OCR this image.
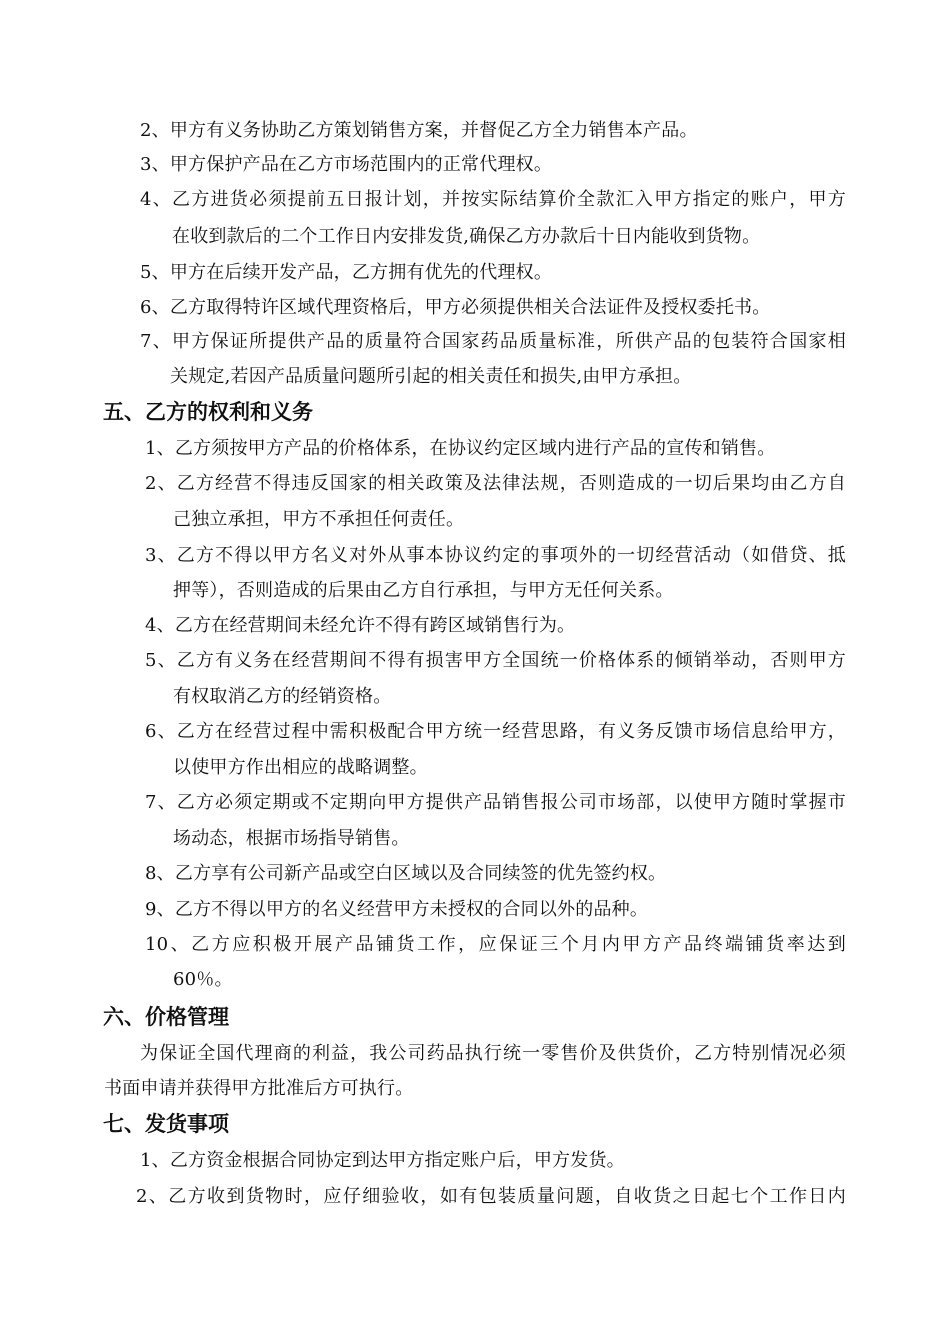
2、甲方有义务协助乙方策划销售方案，并督促乙方全力销售本产品。
3、甲方保护产品在乙方市场范围内的正常代理权。
4、乙方进货必须提前五日报计划，并按实际结算价全款汇入甲方指定的账户，甲方
在收到款后的二个工作日内安排发货,确保乙方办款后十日内能收到货物。
5、甲方在后续开发产品，乙方拥有优先的代理权。
6、乙方取得特许区域代理资格后，甲方必须提供相关合法证件及授权委托书。
7、甲方保证所提供产品的质量符合国家药品质量标准，所供产品的包装符合国家相
关规定,若因产品质量问题所引起的相关责任和损失,由甲方承担。
五、乙方的权利和义务
1、乙方须按甲方产品的价格体系，在协议约定区域内进行产品的宣传和销售。
2、乙方经营不得违反国家的相关政策及法律法规，否则造成的一切后果均由乙方自
己独立承担，甲方不承担任何责任。
3、乙方不得以甲方名义对外从事本协议约定的事项外的一切经营活动（如借贷、抵
押等），否则造成的后果由乙方自行承担，与甲方无任何关系。
4、乙方在经营期间未经允许不得有跨区域销售行为。
5、乙方有义务在经营期间不得有损害甲方全国统一价格体系的倾销举动，否则甲方
有权取消乙方的经销资格。
6、乙方在经营过程中需积极配合甲方统一经营思路，有义务反馈市场信息给甲方，
以使甲方作出相应的战略调整。
7、乙方必须定期或不定期向甲方提供产品销售报公司市场部，以使甲方随时掌握市
场动态，根据市场指导销售。
8、乙方享有公司新产品或空白区域以及合同续签的优先签约权。
9、乙方不得以甲方的名义经营甲方未授权的合同以外的品种。
10、乙方应积极开展产品铺货工作，应保证三个月内甲方产品终端铺货率达到
60％。
六、价格管理
为保证全国代理商的利益，我公司药品执行统一零售价及供货价，乙方特别情况必须
书面申请并获得甲方批准后方可执行。
七、发货事项
1、乙方资金根据合同协定到达甲方指定账户后，甲方发货。
2、乙方收到货物时，应仔细验收，如有包装质量问题，自收货之日起七个工作日内
